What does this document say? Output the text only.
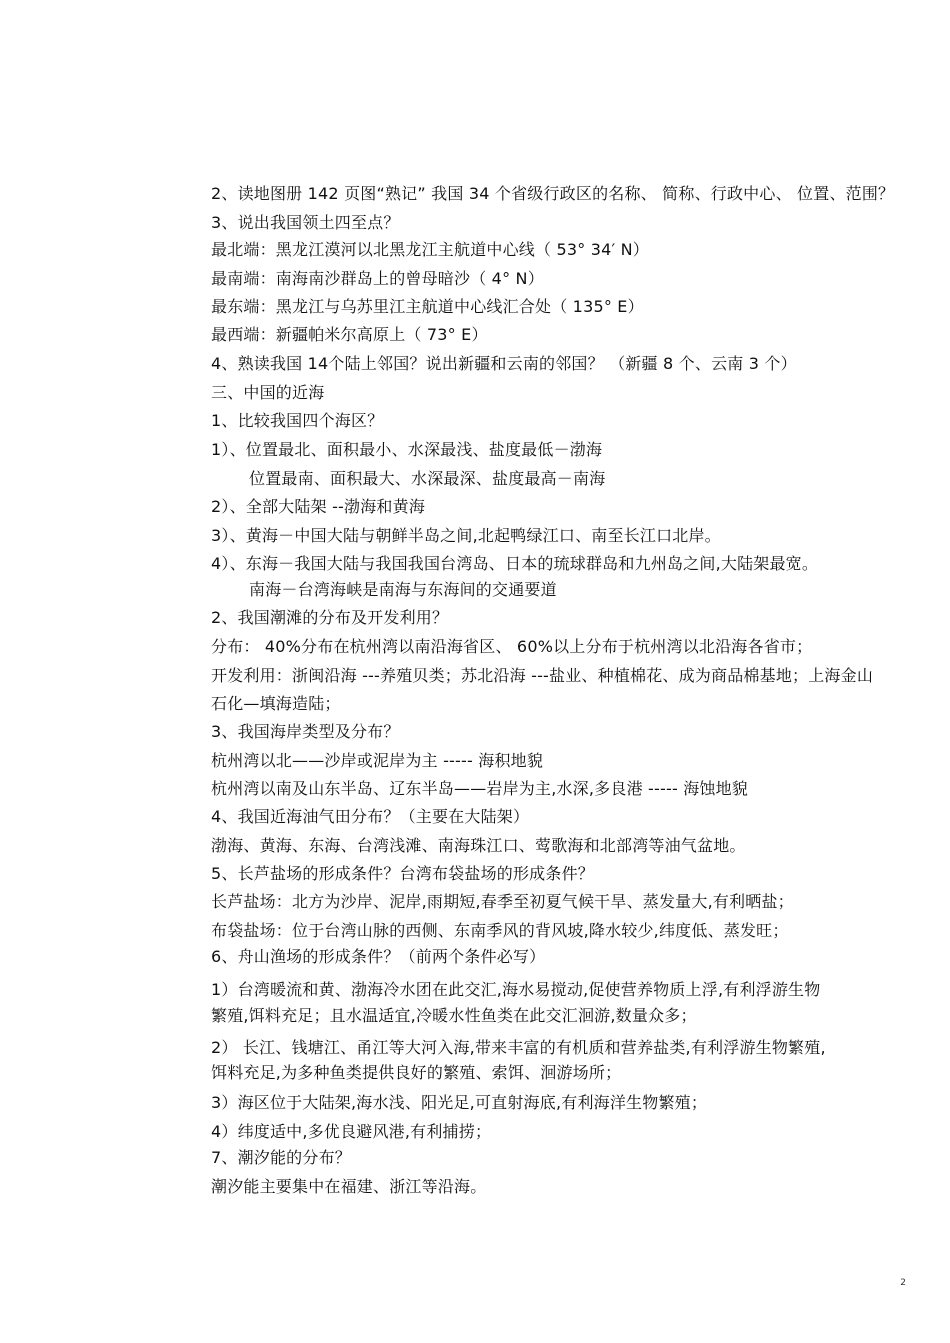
2、读地图册 142 页图“熟记” 我国 34 个省级行政区的名称、 简称、行政中心、 位置、范围？
3、说出我国领土四至点？
最北端：黑龙江漠河以北黑龙江主航道中心线（ 53° 34′ N）
最南端：南海南沙群岛上的曾母暗沙（ 4° N）
最东端：黑龙江与乌苏里江主航道中心线汇合处（ 135° E）
最西端：新疆帕米尔高原上（ 73° E）
4、熟读我国 14个陆上邻国？说出新疆和云南的邻国？ （新疆 8 个、云南 3 个）
三、中国的近海
1、比较我国四个海区？
1）、位置最北、面积最小、水深最浅、盐度最低－渤海
位置最南、面积最大、水深最深、盐度最高－南海
2）、全部大陆架 --渤海和黄海
3）、黄海－中国大陆与朝鲜半岛之间,北起鸭绿江口、南至长江口北岸。
4）、东海－我国大陆与我国我国台湾岛、日本的琉球群岛和九州岛之间,大陆架最宽。
南海－台湾海峡是南海与东海间的交通要道
2、我国潮滩的分布及开发利用？
分布： 40%分布在杭州湾以南沿海省区、 60%以上分布于杭州湾以北沿海各省市；
开发利用：浙闽沿海 ---养殖贝类；苏北沿海 ---盐业、种植棉花、成为商品棉基地；上海金山
石化—填海造陆；
3、我国海岸类型及分布？
杭州湾以北——沙岸或泥岸为主 ----- 海积地貌
杭州湾以南及山东半岛、辽东半岛——岩岸为主,水深,多良港 ----- 海蚀地貌
4、我国近海油气田分布？（主要在大陆架）
渤海、黄海、东海、台湾浅滩、南海珠江口、莺歌海和北部湾等油气盆地。
5、长芦盐场的形成条件？台湾布袋盐场的形成条件？
长芦盐场：北方为沙岸、泥岸,雨期短,春季至初夏气候干旱、蒸发量大,有利晒盐；
布袋盐场：位于台湾山脉的西侧、东南季风的背风坡,降水较少,纬度低、蒸发旺；
6、舟山渔场的形成条件？（前两个条件必写）
1）台湾暖流和黄、渤海冷水团在此交汇,海水易搅动,促使营养物质上浮,有利浮游生物
繁殖,饵料充足；且水温适宜,冷暖水性鱼类在此交汇洄游,数量众多；
2） 长江、钱塘江、甬江等大河入海,带来丰富的有机质和营养盐类,有利浮游生物繁殖,
饵料充足,为多种鱼类提供良好的繁殖、索饵、洄游场所；
3）海区位于大陆架,海水浅、阳光足,可直射海底,有利海洋生物繁殖；
4）纬度适中,多优良避风港,有利捕捞；
7、潮汐能的分布？
潮汐能主要集中在福建、浙江等沿海。
2
